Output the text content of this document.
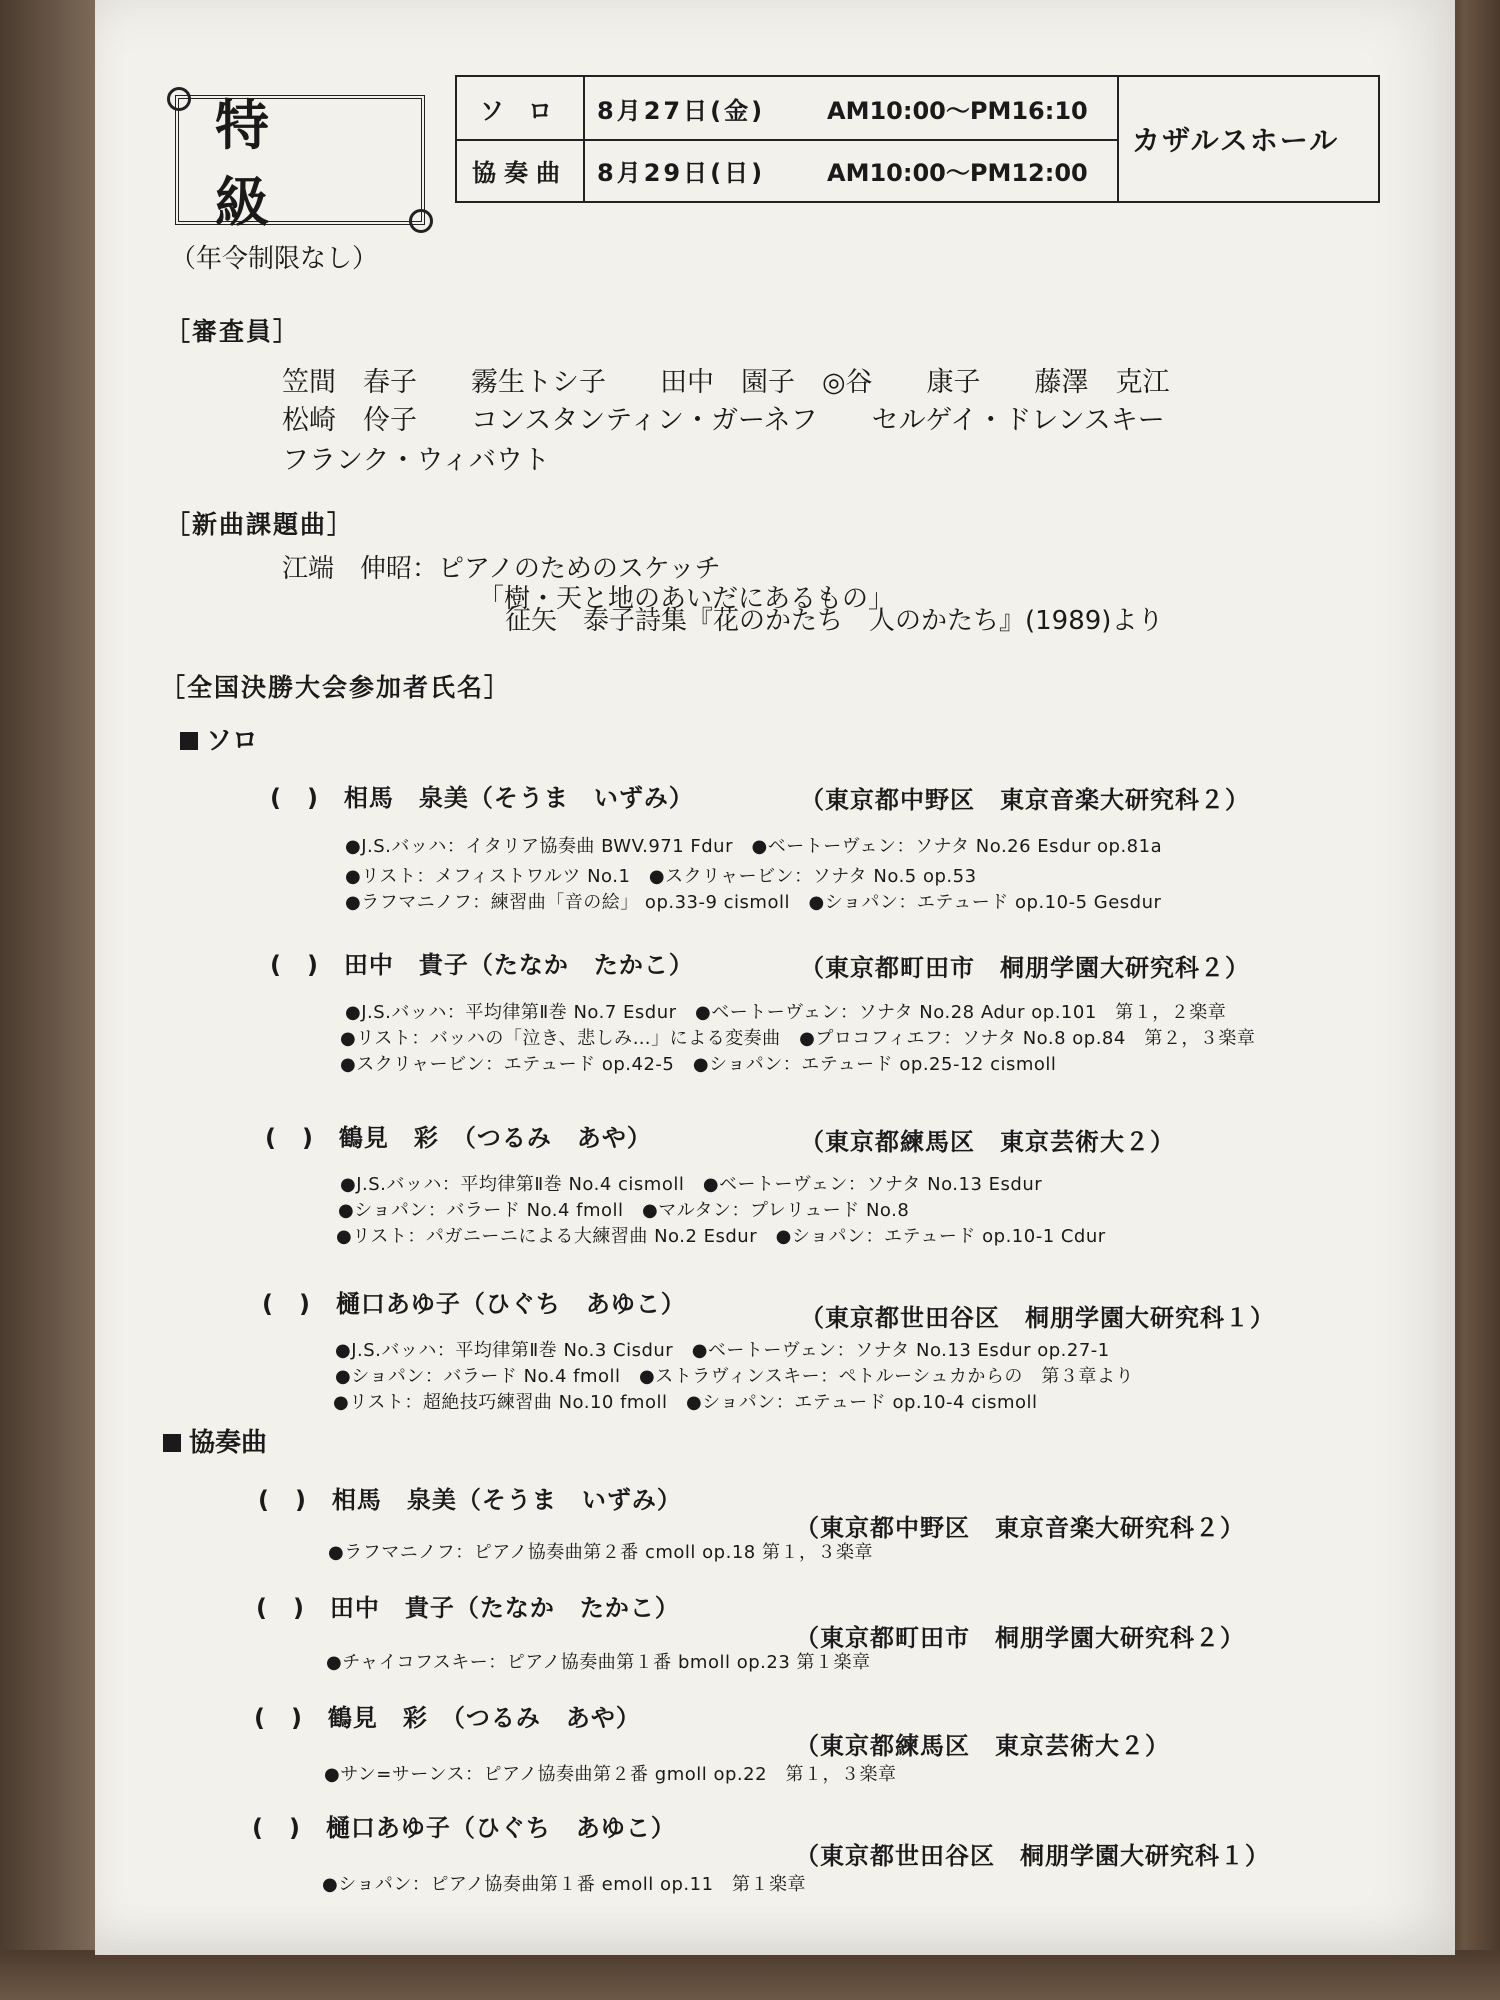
特　級
（年令制限なし）
ソ ロ	8月27日(金)	AM10:00〜PM16:10
協奏曲	8月29日(日)	AM10:00〜PM12:00
カザルスホール
［審査員］
笠間　春子　　霧生トシ子　　田中　園子　◎谷　　康子　　藤澤　克江
松崎　伶子　　コンスタンティン・ガーネフ　　セルゲイ・ドレンスキー
フランク・ウィバウト
［新曲課題曲］
江端　伸昭：ピアノのためのスケッチ
「樹・天と地のあいだにあるもの」
征矢　泰子詩集『花のかたち　人のかたち』(1989)より
［全国決勝大会参加者氏名］
ソロ
(　)　相馬　泉美（そうま　いずみ）	（東京都中野区　東京音楽大研究科２）
●J.S.バッハ：イタリア協奏曲 BWV.971 Fdur　●ベートーヴェン：ソナタ No.26 Esdur op.81a
●リスト：メフィストワルツ No.1　●スクリャービン：ソナタ No.5 op.53
●ラフマニノフ：練習曲「音の絵」 op.33-9 cismoll　●ショパン：エテュード op.10-5 Gesdur
(　)　田中　貴子（たなか　たかこ）	（東京都町田市　桐朋学園大研究科２）
●J.S.バッハ：平均律第Ⅱ巻 No.7 Esdur　●ベートーヴェン：ソナタ No.28 Adur op.101　第１，２楽章
●リスト：バッハの「泣き、悲しみ…」による変奏曲　●プロコフィエフ：ソナタ No.8 op.84　第２，３楽章
●スクリャービン：エテュード op.42-5　●ショパン：エテュード op.25-12 cismoll
(　)　鶴見　彩　（つるみ　あや）	（東京都練馬区　東京芸術大２）
●J.S.バッハ：平均律第Ⅱ巻 No.4 cismoll　●ベートーヴェン：ソナタ No.13 Esdur
●ショパン：バラード No.4 fmoll　●マルタン：プレリュード No.8
●リスト：パガニーニによる大練習曲 No.2 Esdur　●ショパン：エテュード op.10-1 Cdur
(　)　樋口あゆ子（ひぐち　あゆこ）	（東京都世田谷区　桐朋学園大研究科１）
●J.S.バッハ：平均律第Ⅱ巻 No.3 Cisdur　●ベートーヴェン：ソナタ No.13 Esdur op.27-1
●ショパン：バラード No.4 fmoll　●ストラヴィンスキー：ペトルーシュカからの　第３章より
●リスト：超絶技巧練習曲 No.10 fmoll　●ショパン：エテュード op.10-4 cismoll
協奏曲
(　)　相馬　泉美（そうま　いずみ）
（東京都中野区　東京音楽大研究科２）
●ラフマニノフ：ピアノ協奏曲第２番 cmoll op.18 第１，３楽章
(　)　田中　貴子（たなか　たかこ）
（東京都町田市　桐朋学園大研究科２）
●チャイコフスキー：ピアノ協奏曲第１番 bmoll op.23 第１楽章
(　)　鶴見　彩　（つるみ　あや）
（東京都練馬区　東京芸術大２）
●サン=サーンス：ピアノ協奏曲第２番 gmoll op.22　第１，３楽章
(　)　樋口あゆ子（ひぐち　あゆこ）
（東京都世田谷区　桐朋学園大研究科１）
●ショパン：ピアノ協奏曲第１番 emoll op.11　第１楽章
